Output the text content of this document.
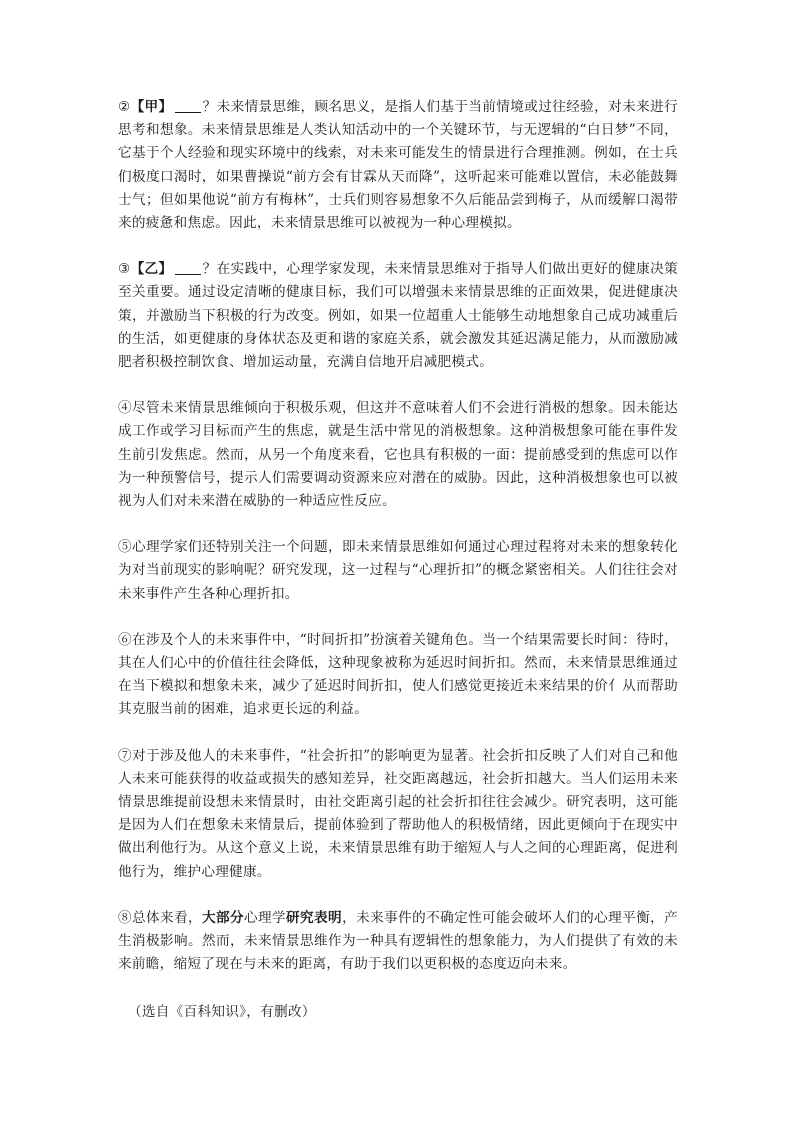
②【甲】 ？未来情景思维，顾名思义，是指人们基于当前情境或过往经验，对未来进行思考和想象。未来情景思维是人类认知活动中的一个关键环节，与无逻辑的“白日梦”不同，它基于个人经验和现实环境中的线索，对未来可能发生的情景进行合理推测。例如，在士兵们极度口渴时，如果曹操说“前方会有甘霖从天而降”，这听起来可能难以置信，未必能鼓舞士气；但如果他说“前方有梅林”，士兵们则容易想象不久后能品尝到梅子，从而缓解口渴带来的疲惫和焦虑。因此，未来情景思维可以被视为一种心理模拟。

③【乙】 ？在实践中，心理学家发现，未来情景思维对于指导人们做出更好的健康决策至关重要。通过设定清晰的健康目标，我们可以增强未来情景思维的正面效果，促进健康决策，并激励当下积极的行为改变。例如，如果一位超重人士能够生动地想象自己成功减重后的生活，如更健康的身体状态及更和谐的家庭关系，就会激发其延迟满足能力，从而激励减肥者积极控制饮食、增加运动量，充满自信地开启减肥模式。

④尽管未来情景思维倾向于积极乐观，但这并不意味着人们不会进行消极的想象。因未能达成工作或学习目标而产生的焦虑，就是生活中常见的消极想象。这种消极想象可能在事件发生前引发焦虑。然而，从另一个角度来看，它也具有积极的一面：提前感受到的焦虑可以作为一种预警信号，提示人们需要调动资源来应对潜在的威胁。因此，这种消极想象也可以被视为人们对未来潜在威胁的一种适应性反应。

⑤心理学家们还特别关注一个问题，即未来情景思维如何通过心理过程将对未来的想象转化为对当前现实的影响呢？研究发现，这一过程与“心理折扣”的概念紧密相关。人们往往会对未来事件产生各种心理折扣。

⑥在涉及个人的未来事件中，“时间折扣”扮演着关键角色。当一个结果需要长时间：待时，其在人们心中的价值往往会降低，这种现象被称为延迟时间折扣。然而，未来情景思维通过在当下模拟和想象未来，减少了延迟时间折扣，使人们感觉更接近未来结果的价亻从而帮助其克服当前的困难，追求更长远的利益。

⑦对于涉及他人的未来事件，“社会折扣”的影响更为显著。社会折扣反映了人们对自己和他人未来可能获得的收益或损失的感知差异，社交距离越远，社会折扣越大。当人们运用未来情景思维提前设想未来情景时，由社交距离引起的社会折扣往往会减少。研究表明，这可能是因为人们在想象未来情景后，提前体验到了帮助他人的积极情绪，因此更倾向于在现实中做出利他行为。从这个意义上说，未来情景思维有助于缩短人与人之间的心理距离，促进利他行为，维护心理健康。

⑧总体来看，大部分心理学研究表明，未来事件的不确定性可能会破坏人们的心理平衡，产生消极影响。然而，未来情景思维作为一种具有逻辑性的想象能力，为人们提供了有效的未来前瞻，缩短了现在与未来的距离，有助于我们以更积极的态度迈向未来。

（选自《百科知识》，有删改）
